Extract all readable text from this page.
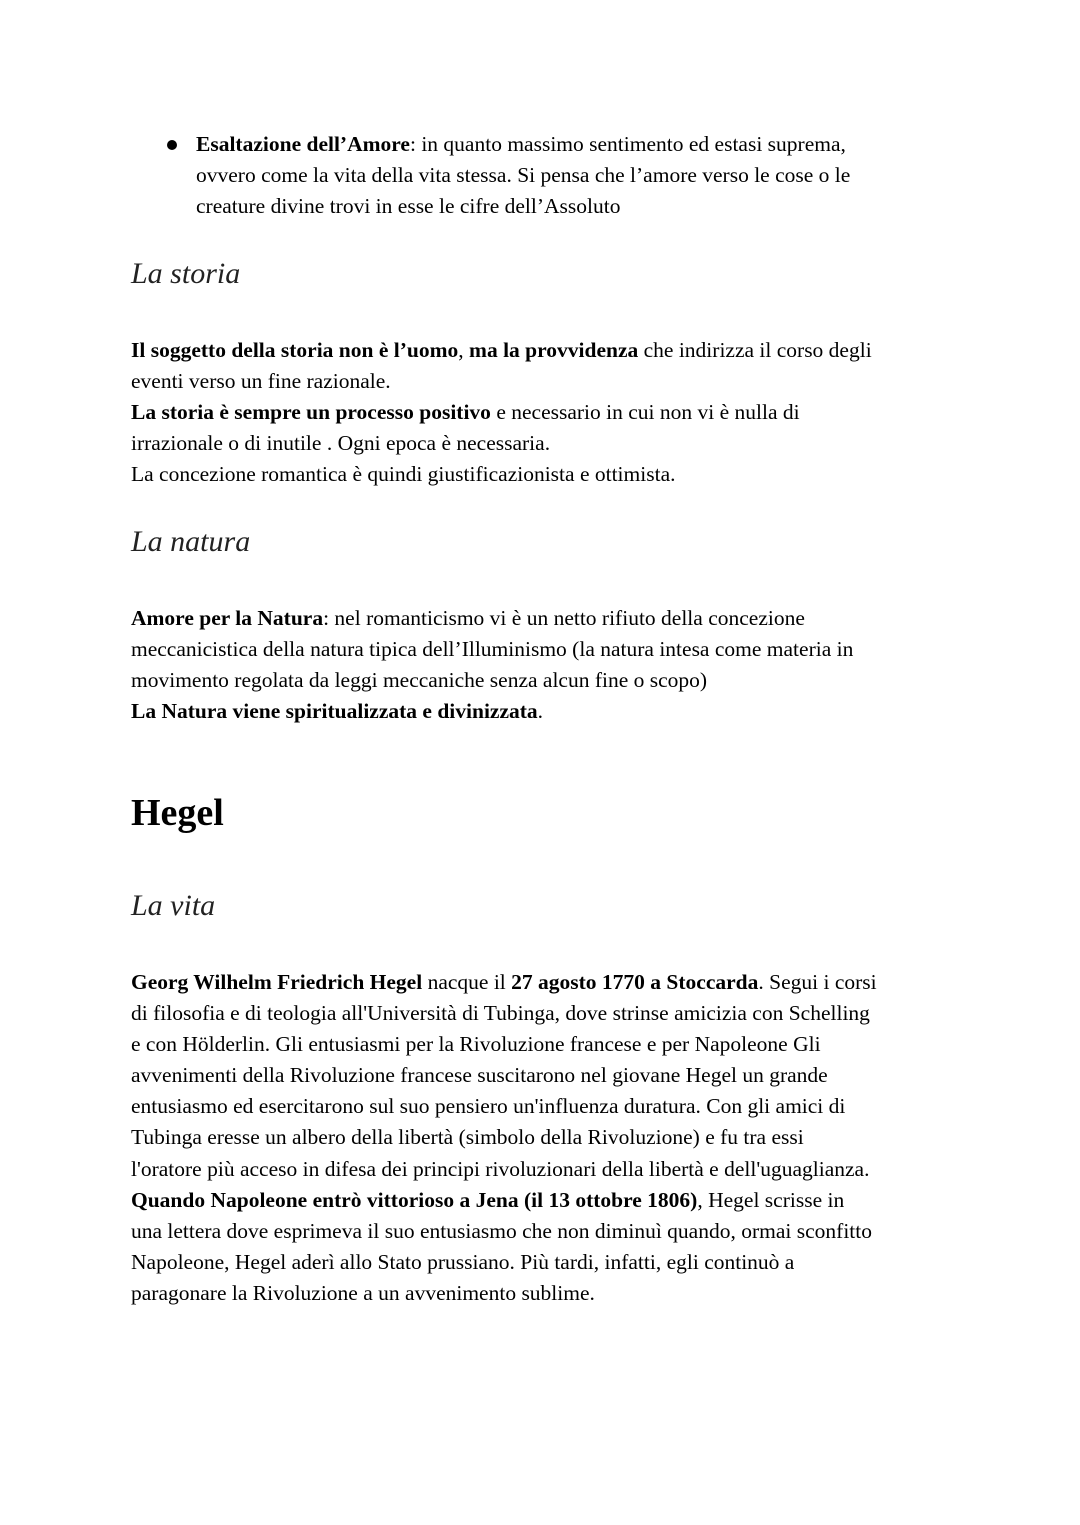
Esaltazione dell’Amore: in quanto massimo sentimento ed estasi suprema,
ovvero come la vita della vita stessa. Si pensa che l’amore verso le cose o le
creature divine trovi in esse le cifre dell’Assoluto
La storia
Il soggetto della storia non è l’uomo, ma la provvidenza che indirizza il corso degli
eventi verso un fine razionale.
La storia è sempre un processo positivo e necessario in cui non vi è nulla di
irrazionale o di inutile . Ogni epoca è necessaria.
La concezione romantica è quindi giustificazionista e ottimista.
La natura
Amore per la Natura: nel romanticismo vi è un netto rifiuto della concezione
meccanicistica della natura tipica dell’Illuminismo (la natura intesa come materia in
movimento regolata da leggi meccaniche senza alcun fine o scopo)
La Natura viene spiritualizzata e divinizzata.
Hegel
La vita
Georg Wilhelm Friedrich Hegel nacque il 27 agosto 1770 a Stoccarda. Segui i corsi
di filosofia e di teologia all'Università di Tubinga, dove strinse amicizia con Schelling
e con Hölderlin. Gli entusiasmi per la Rivoluzione francese e per Napoleone Gli
avvenimenti della Rivoluzione francese suscitarono nel giovane Hegel un grande
entusiasmo ed esercitarono sul suo pensiero un'influenza duratura. Con gli amici di
Tubinga eresse un albero della libertà (simbolo della Rivoluzione) e fu tra essi
l'oratore più acceso in difesa dei principi rivoluzionari della libertà e dell'uguaglianza.
Quando Napoleone entrò vittorioso a Jena (il 13 ottobre 1806), Hegel scrisse in
una lettera dove esprimeva il suo entusiasmo che non diminuì quando, ormai sconfitto
Napoleone, Hegel aderì allo Stato prussiano. Più tardi, infatti, egli continuò a
paragonare la Rivoluzione a un avvenimento sublime.
